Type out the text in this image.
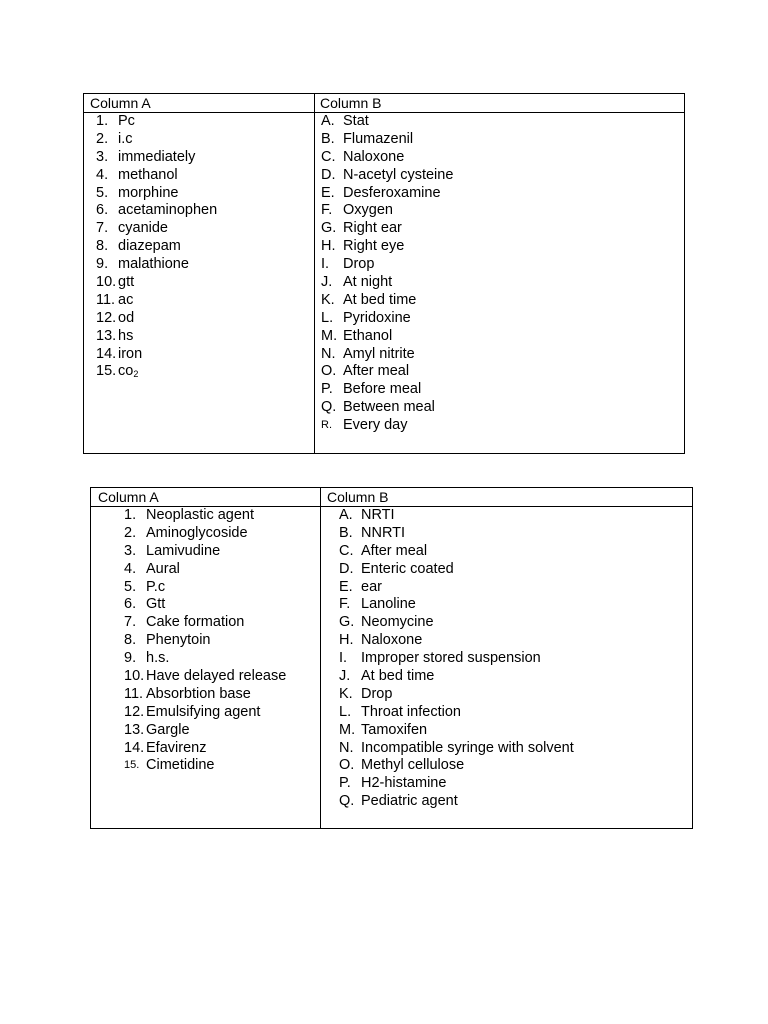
Column A	Column B
1. Pc
2. i.c
3. immediately
4. methanol
5. morphine
6. acetaminophen
7. cyanide
8. diazepam
9. malathione
10. gtt
11. ac
12. od
13. hs
14. iron
15. $co_2$
A. Stat
B. Flumazenil
C. Naloxone
D. N-acetyl cysteine
E. Desferoxamine
F. Oxygen
G. Right ear
H. Right eye
I. Drop
J. At night
K. At bed time
L. Pyridoxine
M. Ethanol
N. Amyl nitrite
O. After meal
P. Before meal
Q. Between meal
R. Every day
Column A	Column B
1. Neoplastic agent
2. Aminoglycoside
3. Lamivudine
4. Aural
5. P.c
6. Gtt
7. Cake formation
8. Phenytoin
9. h.s.
10. Have delayed release
11. Absorbtion base
12. Emulsifying agent
13. Gargle
14. Efavirenz
15. Cimetidine
A. NRTI
B. NNRTI
C. After meal
D. Enteric coated
E. ear
F. Lanoline
G. Neomycine
H. Naloxone
I. Improper stored suspension
J. At bed time
K. Drop
L. Throat infection
M. Tamoxifen
N. Incompatible syringe with solvent
O. Methyl cellulose
P. H2-histamine
Q. Pediatric agent
